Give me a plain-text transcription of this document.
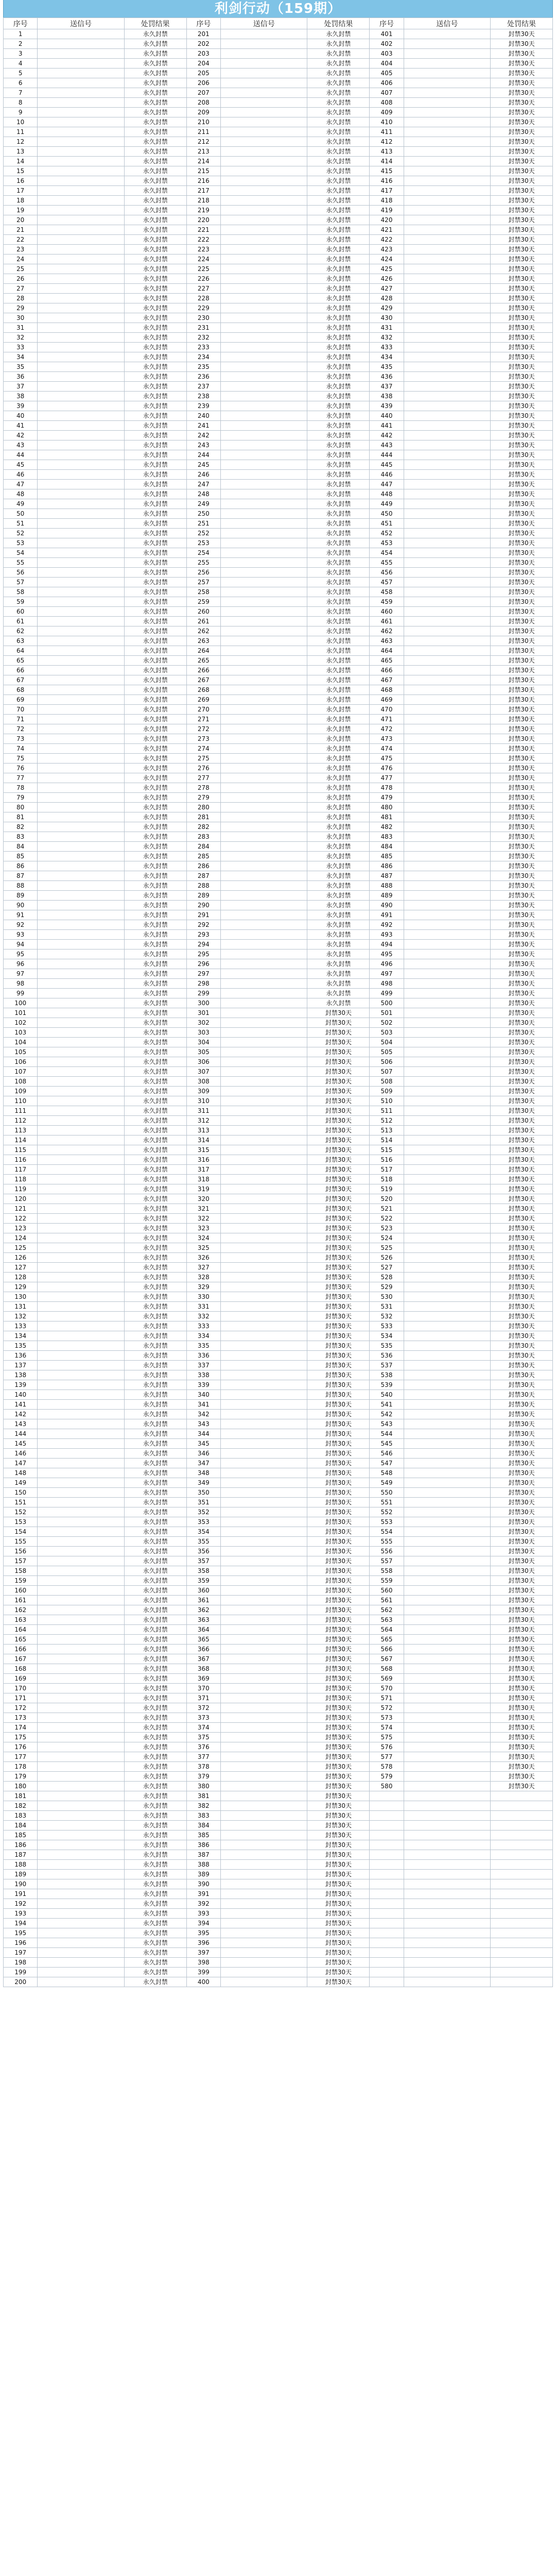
利剑行动（159期）
序号	送信号	处罚结果	序号	送信号	处罚结果	序号	送信号	处罚结果
1		永久封禁	201		永久封禁	401		封禁30天
2		永久封禁	202		永久封禁	402		封禁30天
3		永久封禁	203		永久封禁	403		封禁30天
4		永久封禁	204		永久封禁	404		封禁30天
5		永久封禁	205		永久封禁	405		封禁30天
6		永久封禁	206		永久封禁	406		封禁30天
7		永久封禁	207		永久封禁	407		封禁30天
8		永久封禁	208		永久封禁	408		封禁30天
9		永久封禁	209		永久封禁	409		封禁30天
10		永久封禁	210		永久封禁	410		封禁30天
11		永久封禁	211		永久封禁	411		封禁30天
12		永久封禁	212		永久封禁	412		封禁30天
13		永久封禁	213		永久封禁	413		封禁30天
14		永久封禁	214		永久封禁	414		封禁30天
15		永久封禁	215		永久封禁	415		封禁30天
16		永久封禁	216		永久封禁	416		封禁30天
17		永久封禁	217		永久封禁	417		封禁30天
18		永久封禁	218		永久封禁	418		封禁30天
19		永久封禁	219		永久封禁	419		封禁30天
20		永久封禁	220		永久封禁	420		封禁30天
21		永久封禁	221		永久封禁	421		封禁30天
22		永久封禁	222		永久封禁	422		封禁30天
23		永久封禁	223		永久封禁	423		封禁30天
24		永久封禁	224		永久封禁	424		封禁30天
25		永久封禁	225		永久封禁	425		封禁30天
26		永久封禁	226		永久封禁	426		封禁30天
27		永久封禁	227		永久封禁	427		封禁30天
28		永久封禁	228		永久封禁	428		封禁30天
29		永久封禁	229		永久封禁	429		封禁30天
30		永久封禁	230		永久封禁	430		封禁30天
31		永久封禁	231		永久封禁	431		封禁30天
32		永久封禁	232		永久封禁	432		封禁30天
33		永久封禁	233		永久封禁	433		封禁30天
34		永久封禁	234		永久封禁	434		封禁30天
35		永久封禁	235		永久封禁	435		封禁30天
36		永久封禁	236		永久封禁	436		封禁30天
37		永久封禁	237		永久封禁	437		封禁30天
38		永久封禁	238		永久封禁	438		封禁30天
39		永久封禁	239		永久封禁	439		封禁30天
40		永久封禁	240		永久封禁	440		封禁30天
41		永久封禁	241		永久封禁	441		封禁30天
42		永久封禁	242		永久封禁	442		封禁30天
43		永久封禁	243		永久封禁	443		封禁30天
44		永久封禁	244		永久封禁	444		封禁30天
45		永久封禁	245		永久封禁	445		封禁30天
46		永久封禁	246		永久封禁	446		封禁30天
47		永久封禁	247		永久封禁	447		封禁30天
48		永久封禁	248		永久封禁	448		封禁30天
49		永久封禁	249		永久封禁	449		封禁30天
50		永久封禁	250		永久封禁	450		封禁30天
51		永久封禁	251		永久封禁	451		封禁30天
52		永久封禁	252		永久封禁	452		封禁30天
53		永久封禁	253		永久封禁	453		封禁30天
54		永久封禁	254		永久封禁	454		封禁30天
55		永久封禁	255		永久封禁	455		封禁30天
56		永久封禁	256		永久封禁	456		封禁30天
57		永久封禁	257		永久封禁	457		封禁30天
58		永久封禁	258		永久封禁	458		封禁30天
59		永久封禁	259		永久封禁	459		封禁30天
60		永久封禁	260		永久封禁	460		封禁30天
61		永久封禁	261		永久封禁	461		封禁30天
62		永久封禁	262		永久封禁	462		封禁30天
63		永久封禁	263		永久封禁	463		封禁30天
64		永久封禁	264		永久封禁	464		封禁30天
65		永久封禁	265		永久封禁	465		封禁30天
66		永久封禁	266		永久封禁	466		封禁30天
67		永久封禁	267		永久封禁	467		封禁30天
68		永久封禁	268		永久封禁	468		封禁30天
69		永久封禁	269		永久封禁	469		封禁30天
70		永久封禁	270		永久封禁	470		封禁30天
71		永久封禁	271		永久封禁	471		封禁30天
72		永久封禁	272		永久封禁	472		封禁30天
73		永久封禁	273		永久封禁	473		封禁30天
74		永久封禁	274		永久封禁	474		封禁30天
75		永久封禁	275		永久封禁	475		封禁30天
76		永久封禁	276		永久封禁	476		封禁30天
77		永久封禁	277		永久封禁	477		封禁30天
78		永久封禁	278		永久封禁	478		封禁30天
79		永久封禁	279		永久封禁	479		封禁30天
80		永久封禁	280		永久封禁	480		封禁30天
81		永久封禁	281		永久封禁	481		封禁30天
82		永久封禁	282		永久封禁	482		封禁30天
83		永久封禁	283		永久封禁	483		封禁30天
84		永久封禁	284		永久封禁	484		封禁30天
85		永久封禁	285		永久封禁	485		封禁30天
86		永久封禁	286		永久封禁	486		封禁30天
87		永久封禁	287		永久封禁	487		封禁30天
88		永久封禁	288		永久封禁	488		封禁30天
89		永久封禁	289		永久封禁	489		封禁30天
90		永久封禁	290		永久封禁	490		封禁30天
91		永久封禁	291		永久封禁	491		封禁30天
92		永久封禁	292		永久封禁	492		封禁30天
93		永久封禁	293		永久封禁	493		封禁30天
94		永久封禁	294		永久封禁	494		封禁30天
95		永久封禁	295		永久封禁	495		封禁30天
96		永久封禁	296		永久封禁	496		封禁30天
97		永久封禁	297		永久封禁	497		封禁30天
98		永久封禁	298		永久封禁	498		封禁30天
99		永久封禁	299		永久封禁	499		封禁30天
100		永久封禁	300		永久封禁	500		封禁30天
101		永久封禁	301		封禁30天	501		封禁30天
102		永久封禁	302		封禁30天	502		封禁30天
103		永久封禁	303		封禁30天	503		封禁30天
104		永久封禁	304		封禁30天	504		封禁30天
105		永久封禁	305		封禁30天	505		封禁30天
106		永久封禁	306		封禁30天	506		封禁30天
107		永久封禁	307		封禁30天	507		封禁30天
108		永久封禁	308		封禁30天	508		封禁30天
109		永久封禁	309		封禁30天	509		封禁30天
110		永久封禁	310		封禁30天	510		封禁30天
111		永久封禁	311		封禁30天	511		封禁30天
112		永久封禁	312		封禁30天	512		封禁30天
113		永久封禁	313		封禁30天	513		封禁30天
114		永久封禁	314		封禁30天	514		封禁30天
115		永久封禁	315		封禁30天	515		封禁30天
116		永久封禁	316		封禁30天	516		封禁30天
117		永久封禁	317		封禁30天	517		封禁30天
118		永久封禁	318		封禁30天	518		封禁30天
119		永久封禁	319		封禁30天	519		封禁30天
120		永久封禁	320		封禁30天	520		封禁30天
121		永久封禁	321		封禁30天	521		封禁30天
122		永久封禁	322		封禁30天	522		封禁30天
123		永久封禁	323		封禁30天	523		封禁30天
124		永久封禁	324		封禁30天	524		封禁30天
125		永久封禁	325		封禁30天	525		封禁30天
126		永久封禁	326		封禁30天	526		封禁30天
127		永久封禁	327		封禁30天	527		封禁30天
128		永久封禁	328		封禁30天	528		封禁30天
129		永久封禁	329		封禁30天	529		封禁30天
130		永久封禁	330		封禁30天	530		封禁30天
131		永久封禁	331		封禁30天	531		封禁30天
132		永久封禁	332		封禁30天	532		封禁30天
133		永久封禁	333		封禁30天	533		封禁30天
134		永久封禁	334		封禁30天	534		封禁30天
135		永久封禁	335		封禁30天	535		封禁30天
136		永久封禁	336		封禁30天	536		封禁30天
137		永久封禁	337		封禁30天	537		封禁30天
138		永久封禁	338		封禁30天	538		封禁30天
139		永久封禁	339		封禁30天	539		封禁30天
140		永久封禁	340		封禁30天	540		封禁30天
141		永久封禁	341		封禁30天	541		封禁30天
142		永久封禁	342		封禁30天	542		封禁30天
143		永久封禁	343		封禁30天	543		封禁30天
144		永久封禁	344		封禁30天	544		封禁30天
145		永久封禁	345		封禁30天	545		封禁30天
146		永久封禁	346		封禁30天	546		封禁30天
147		永久封禁	347		封禁30天	547		封禁30天
148		永久封禁	348		封禁30天	548		封禁30天
149		永久封禁	349		封禁30天	549		封禁30天
150		永久封禁	350		封禁30天	550		封禁30天
151		永久封禁	351		封禁30天	551		封禁30天
152		永久封禁	352		封禁30天	552		封禁30天
153		永久封禁	353		封禁30天	553		封禁30天
154		永久封禁	354		封禁30天	554		封禁30天
155		永久封禁	355		封禁30天	555		封禁30天
156		永久封禁	356		封禁30天	556		封禁30天
157		永久封禁	357		封禁30天	557		封禁30天
158		永久封禁	358		封禁30天	558		封禁30天
159		永久封禁	359		封禁30天	559		封禁30天
160		永久封禁	360		封禁30天	560		封禁30天
161		永久封禁	361		封禁30天	561		封禁30天
162		永久封禁	362		封禁30天	562		封禁30天
163		永久封禁	363		封禁30天	563		封禁30天
164		永久封禁	364		封禁30天	564		封禁30天
165		永久封禁	365		封禁30天	565		封禁30天
166		永久封禁	366		封禁30天	566		封禁30天
167		永久封禁	367		封禁30天	567		封禁30天
168		永久封禁	368		封禁30天	568		封禁30天
169		永久封禁	369		封禁30天	569		封禁30天
170		永久封禁	370		封禁30天	570		封禁30天
171		永久封禁	371		封禁30天	571		封禁30天
172		永久封禁	372		封禁30天	572		封禁30天
173		永久封禁	373		封禁30天	573		封禁30天
174		永久封禁	374		封禁30天	574		封禁30天
175		永久封禁	375		封禁30天	575		封禁30天
176		永久封禁	376		封禁30天	576		封禁30天
177		永久封禁	377		封禁30天	577		封禁30天
178		永久封禁	378		封禁30天	578		封禁30天
179		永久封禁	379		封禁30天	579		封禁30天
180		永久封禁	380		封禁30天	580		封禁30天
181		永久封禁	381		封禁30天			
182		永久封禁	382		封禁30天			
183		永久封禁	383		封禁30天			
184		永久封禁	384		封禁30天			
185		永久封禁	385		封禁30天			
186		永久封禁	386		封禁30天			
187		永久封禁	387		封禁30天			
188		永久封禁	388		封禁30天			
189		永久封禁	389		封禁30天			
190		永久封禁	390		封禁30天			
191		永久封禁	391		封禁30天			
192		永久封禁	392		封禁30天			
193		永久封禁	393		封禁30天			
194		永久封禁	394		封禁30天			
195		永久封禁	395		封禁30天			
196		永久封禁	396		封禁30天			
197		永久封禁	397		封禁30天			
198		永久封禁	398		封禁30天			
199		永久封禁	399		封禁30天			
200		永久封禁	400		封禁30天			
